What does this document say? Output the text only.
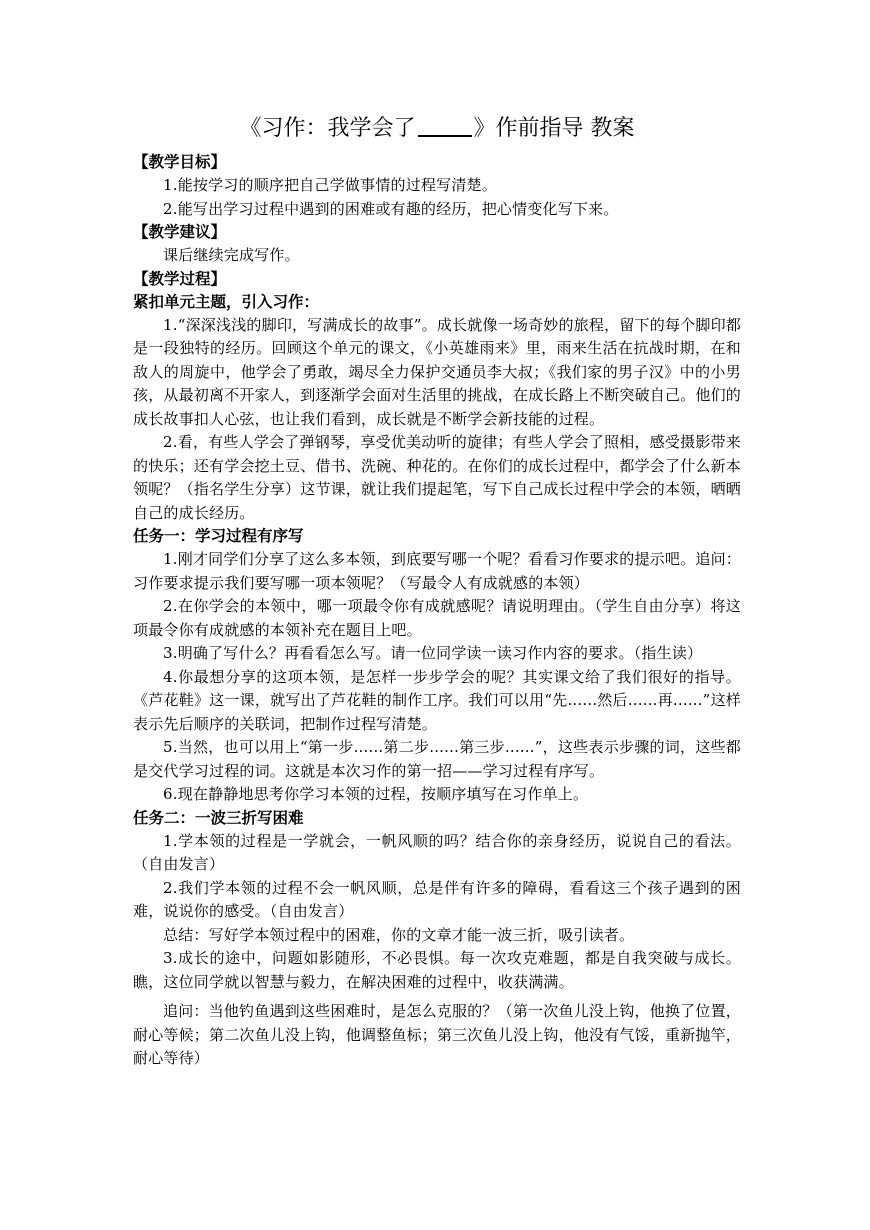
《习作：我学会了	》作前指导 教案

【教学目标】

1.能按学习的顺序把自己学做事情的过程写清楚。

2.能写出学习过程中遇到的困难或有趣的经历，把心情变化写下来。

【教学建议】

课后继续完成写作。

【教学过程】

紧扣单元主题，引入习作：

1.“深深浅浅的脚印，写满成长的故事”。成长就像一场奇妙的旅程，留下的每个脚印都是一段独特的经历。回顾这个单元的课文，《小英雄雨来》里，雨来生活在抗战时期，在和敌人的周旋中，他学会了勇敢，竭尽全力保护交通员李大叔；《我们家的男子汉》中的小男孩，从最初离不开家人，到逐渐学会面对生活里的挑战，在成长路上不断突破自己。他们的成长故事扣人心弦，也让我们看到，成长就是不断学会新技能的过程。

2.看，有些人学会了弹钢琴，享受优美动听的旋律；有些人学会了照相，感受摄影带来的快乐；还有学会挖土豆、借书、洗碗、种花的。在你们的成长过程中，都学会了什么新本领呢？（指名学生分享）这节课，就让我们提起笔，写下自己成长过程中学会的本领，晒晒自己的成长经历。

任务一：学习过程有序写

1.刚才同学们分享了这么多本领，到底要写哪一个呢？看看习作要求的提示吧。追问：习作要求提示我们要写哪一项本领呢？（写最令人有成就感的本领）

2.在你学会的本领中，哪一项最令你有成就感呢？请说明理由。（学生自由分享）将这项最令你有成就感的本领补充在题目上吧。

3.明确了写什么？再看看怎么写。请一位同学读一读习作内容的要求。（指生读）

4.你最想分享的这项本领，是怎样一步步学会的呢？其实课文给了我们很好的指导。《芦花鞋》这一课，就写出了芦花鞋的制作工序。我们可以用“先......然后......再......”这样表示先后顺序的关联词，把制作过程写清楚。

5.当然，也可以用上“第一步......第二步......第三步......”，这些表示步骤的词，这些都是交代学习过程的词。这就是本次习作的第一招——学习过程有序写。

6.现在静静地思考你学习本领的过程，按顺序填写在习作单上。

任务二：一波三折写困难

1.学本领的过程是一学就会，一帆风顺的吗？结合你的亲身经历，说说自己的看法。（自由发言）

2.我们学本领的过程不会一帆风顺，总是伴有许多的障碍，看看这三个孩子遇到的困难，说说你的感受。（自由发言）

总结：写好学本领过程中的困难，你的文章才能一波三折，吸引读者。

3.成长的途中，问题如影随形，不必畏惧。每一次攻克难题，都是自我突破与成长。瞧，这位同学就以智慧与毅力，在解决困难的过程中，收获满满。

追问：当他钓鱼遇到这些困难时，是怎么克服的？（第一次鱼儿没上钩，他换了位置，耐心等候；第二次鱼儿没上钩，他调整鱼标；第三次鱼儿没上钩，他没有气馁，重新抛竿，耐心等待）
